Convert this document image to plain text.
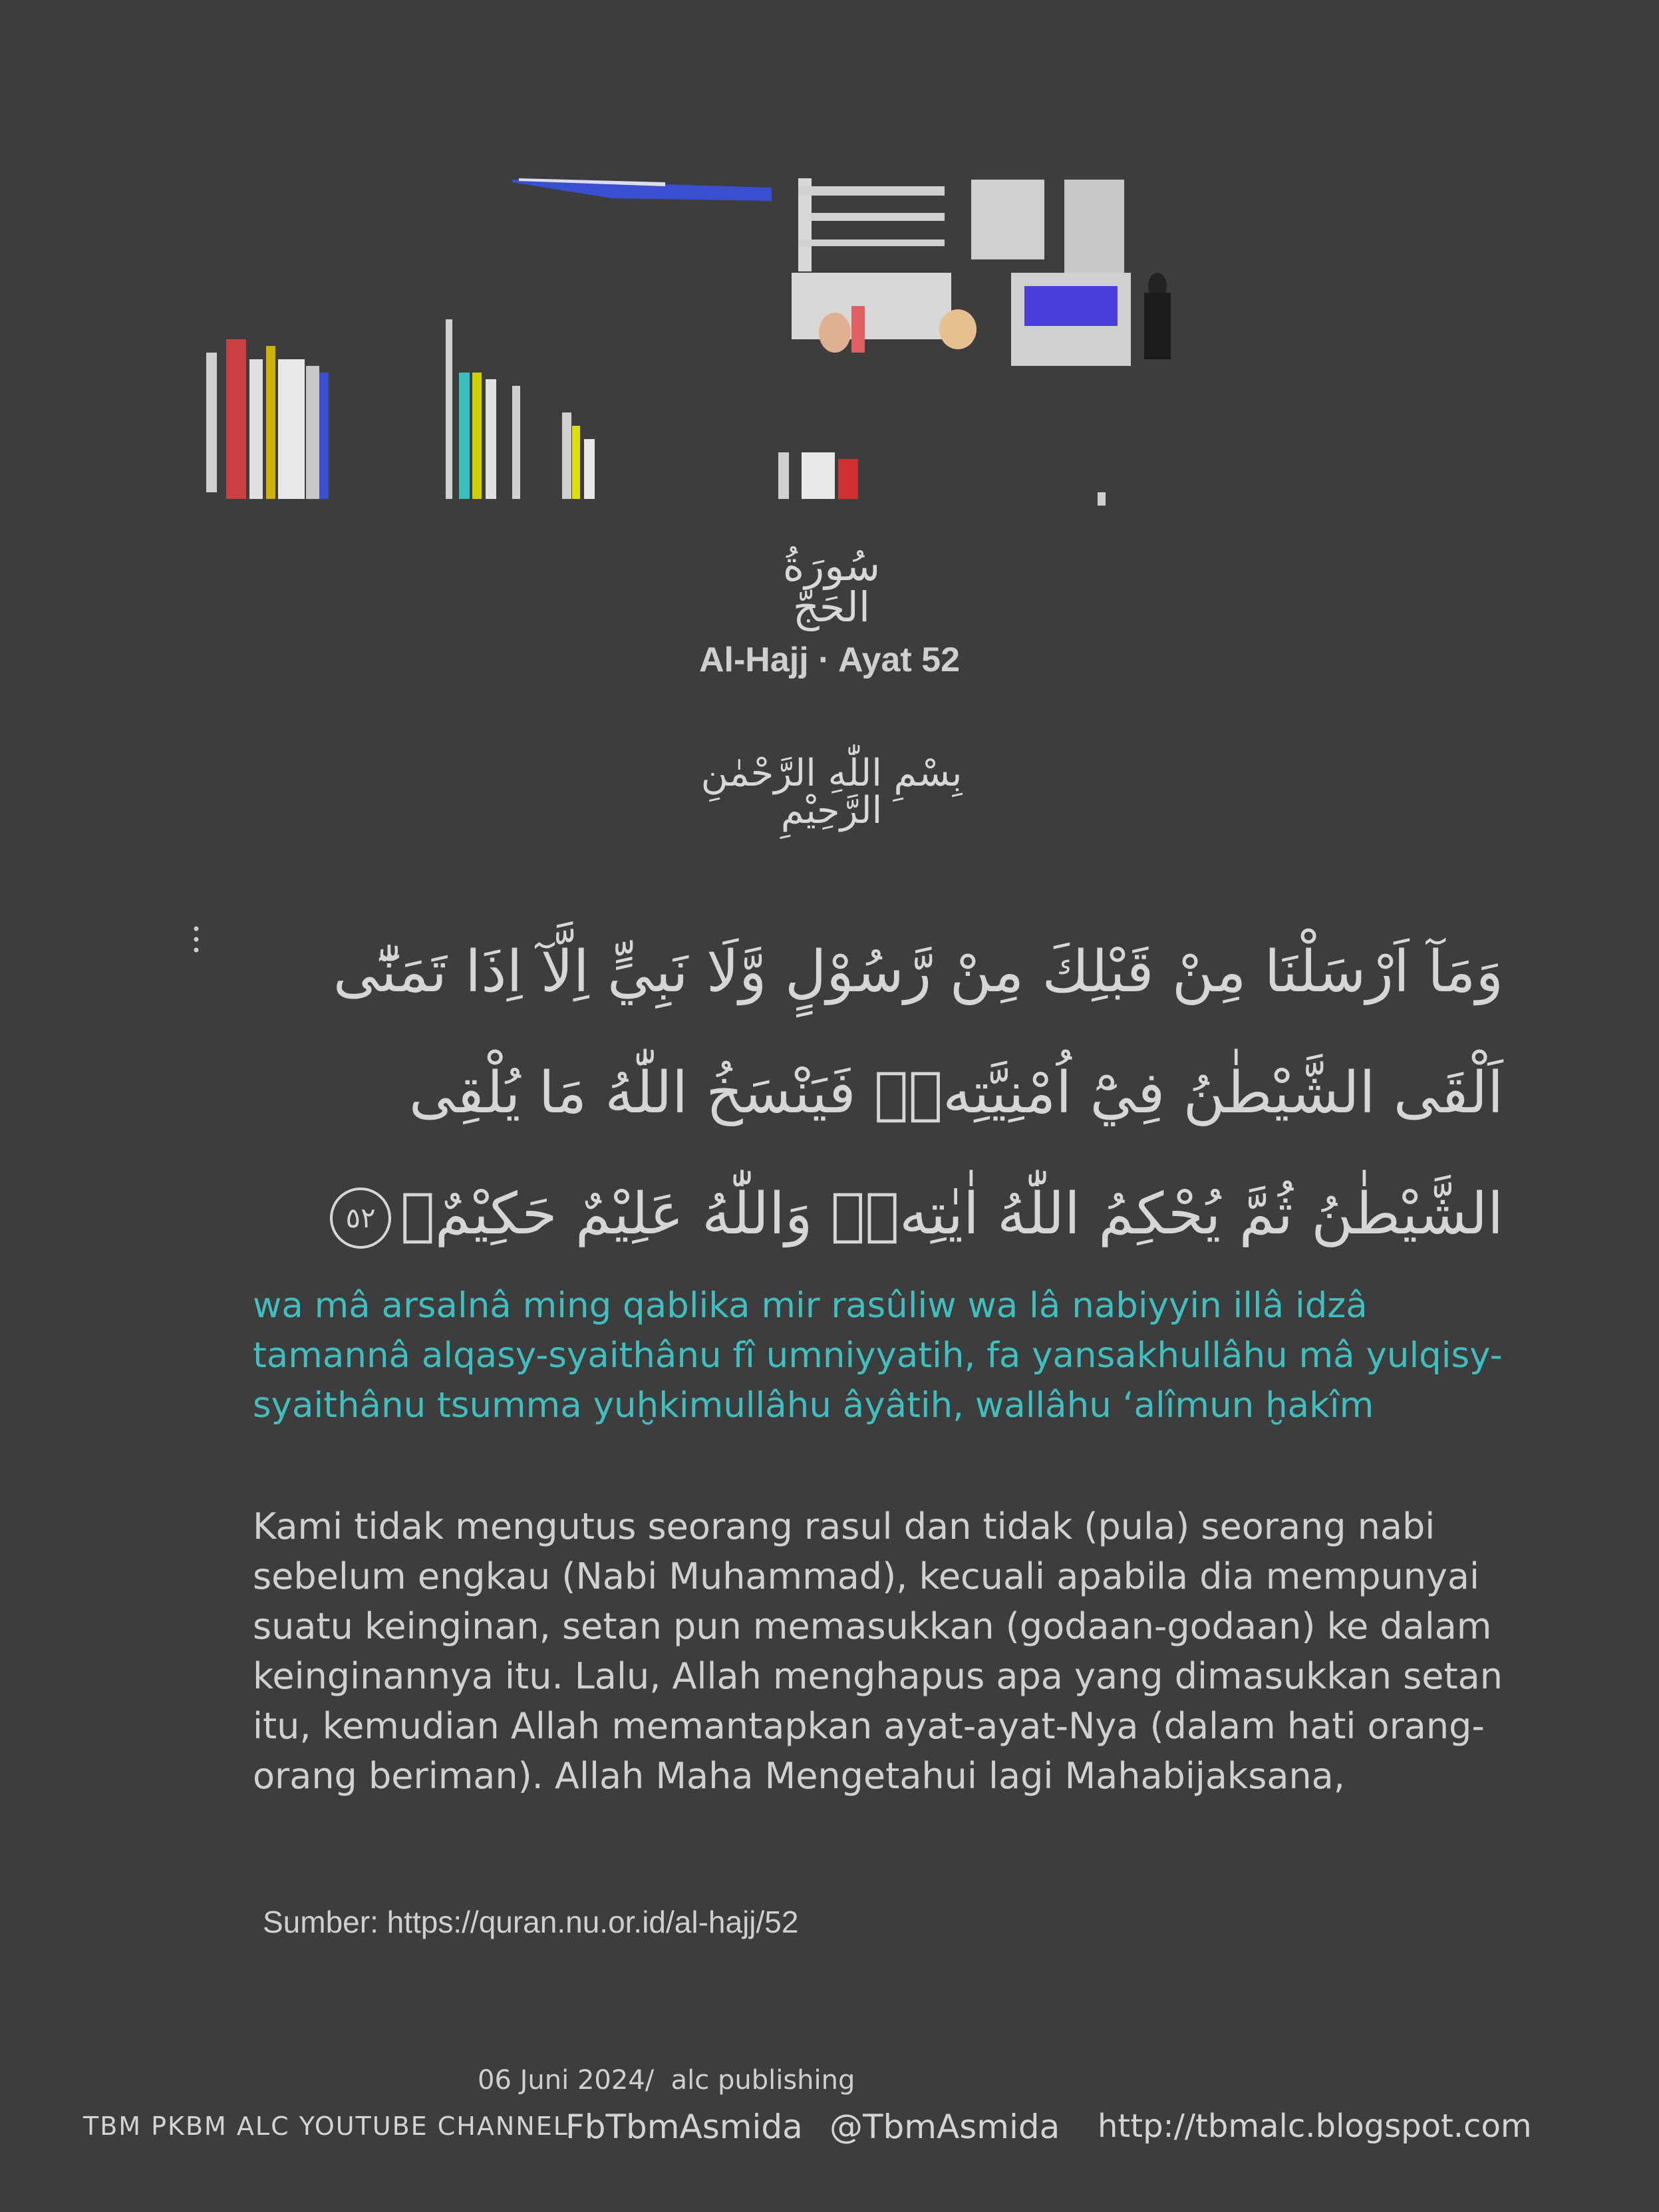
سُورَةُ الحَجّ
Al-Hajj · Ayat 52
بِسْمِ اللّٰهِ الرَّحْمٰنِ الرَّحِيْمِ
وَمَآ اَرْسَلْنَا مِنْ قَبْلِكَ مِنْ رَّسُوْلٍ وَّلَا نَبِيٍّ اِلَّآ اِذَا تَمَنّٰٓى اَلْقَى الشَّيْطٰنُ فِيْٓ اُمْنِيَّتِهٖۚ فَيَنْسَخُ اللّٰهُ مَا يُلْقِى الشَّيْطٰنُ ثُمَّ يُحْكِمُ اللّٰهُ اٰيٰتِهٖۗ وَاللّٰهُ عَلِيْمٌ حَكِيْمٌۙ٥٢
wa mâ arsalnâ ming qablika mir rasûliw wa lâ nabiyyin illâ idzâ tamannâ alqasy-syaithânu fî umniyyatih, fa yansakhullâhu mâ yulqisy-syaithânu tsumma yuḫkimullâhu âyâtih, wallâhu ‘alîmun ḫakîm
Kami tidak mengutus seorang rasul dan tidak (pula) seorang nabi sebelum engkau (Nabi Muhammad), kecuali apabila dia mempunyai suatu keinginan, setan pun memasukkan (godaan-godaan) ke dalam keinginannya itu. Lalu, Allah menghapus apa yang dimasukkan setan itu, kemudian Allah memantapkan ayat-ayat-Nya (dalam hati orang-orang beriman). Allah Maha Mengetahui lagi Mahabijaksana,
Sumber: https://quran.nu.or.id/al-hajj/52
06 Juni 2024/  alc publishing
TBM PKBM ALC YOUTUBE CHANNEL
FbTbmAsmida @TbmAsmida http://tbmalc.blogspot.com
